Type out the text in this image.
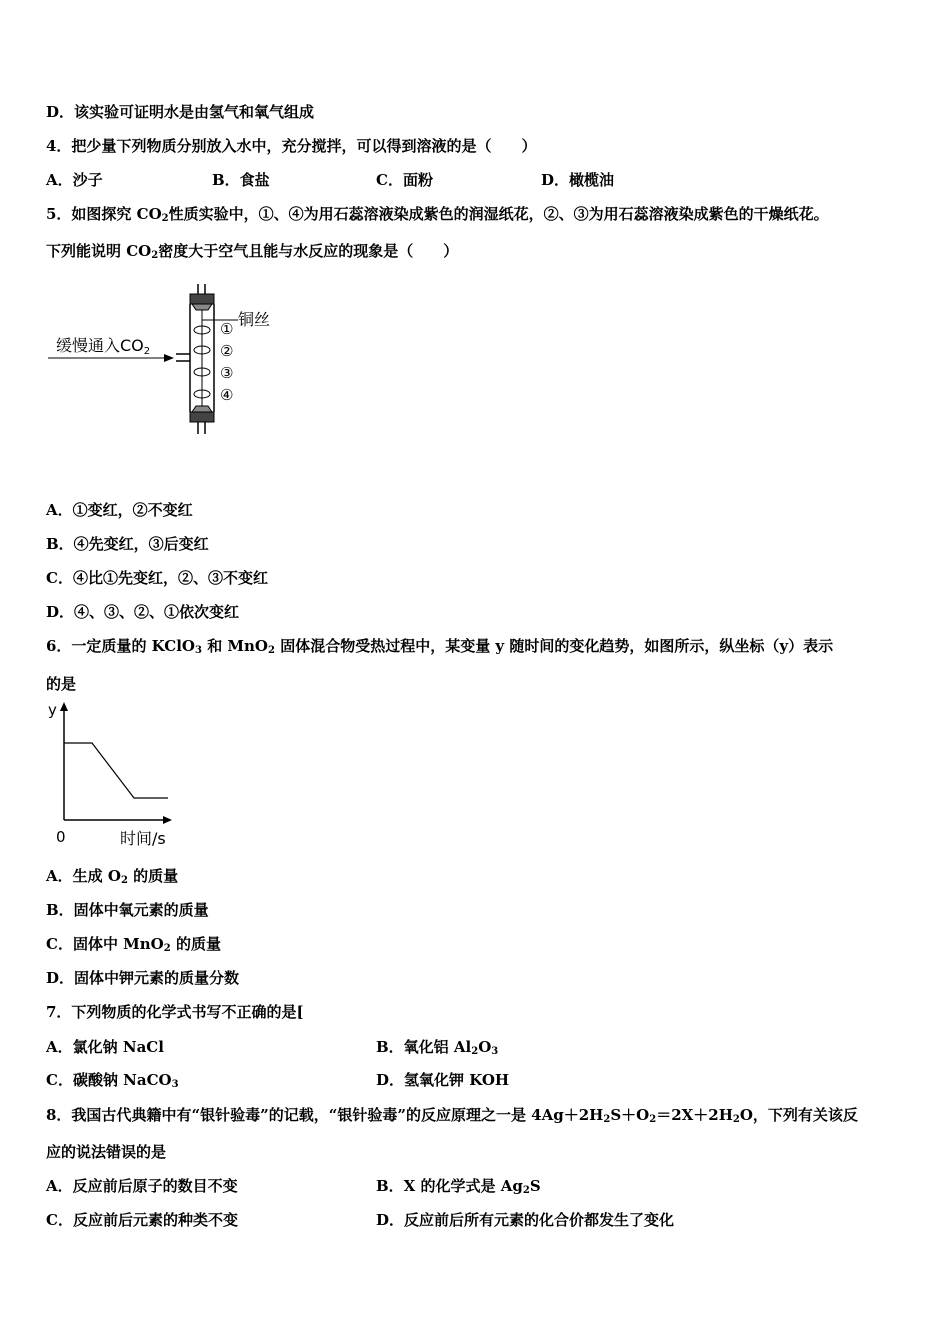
D．该实验可证明水是由氢气和氧气组成
4．把少量下列物质分别放入水中，充分搅拌，可以得到溶液的是（　　）
A．沙子	B．食盐	C．面粉	D．橄榄油
5．如图探究 $CO_2$性质实验中，①、④为用石蕊溶液染成紫色的润湿纸花，②、③为用石蕊溶液染成紫色的干燥纸花。
下列能说明 $CO_2$密度大于空气且能与水反应的现象是（　　）
铜丝
①
②
③
④
缓慢通入CO2
A．①变红，②不变红
B．④先变红，③后变红
C．④比①先变红，②、③不变红
D．④、③、②、①依次变红
6．一定质量的 KClO$_3$ 和 MnO$_2$ 固体混合物受热过程中，某变量 y 随时间的变化趋势，如图所示，纵坐标（y）表示
的是
y
0	时间/s
A．生成 $O_2$ 的质量
B．固体中氧元素的质量
C．固体中 MnO$_2$ 的质量
D．固体中钾元素的质量分数
7．下列物质的化学式书写不正确的是[
A．氯化钠 NaCl	B．氧化铝 $Al_2O_3$
C．碳酸钠 NaCO$_3$	D．氢氧化钾 KOH
8．我国古代典籍中有“银针验毒”的记载，“银针验毒”的反应原理之一是 $4Ag+2H_2S+O_2=2X+2H_2O$，下列有关该反
应的说法错误的是
A．反应前后原子的数目不变	B．X 的化学式是 $Ag_2S$
C．反应前后元素的种类不变	D．反应前后所有元素的化合价都发生了变化
